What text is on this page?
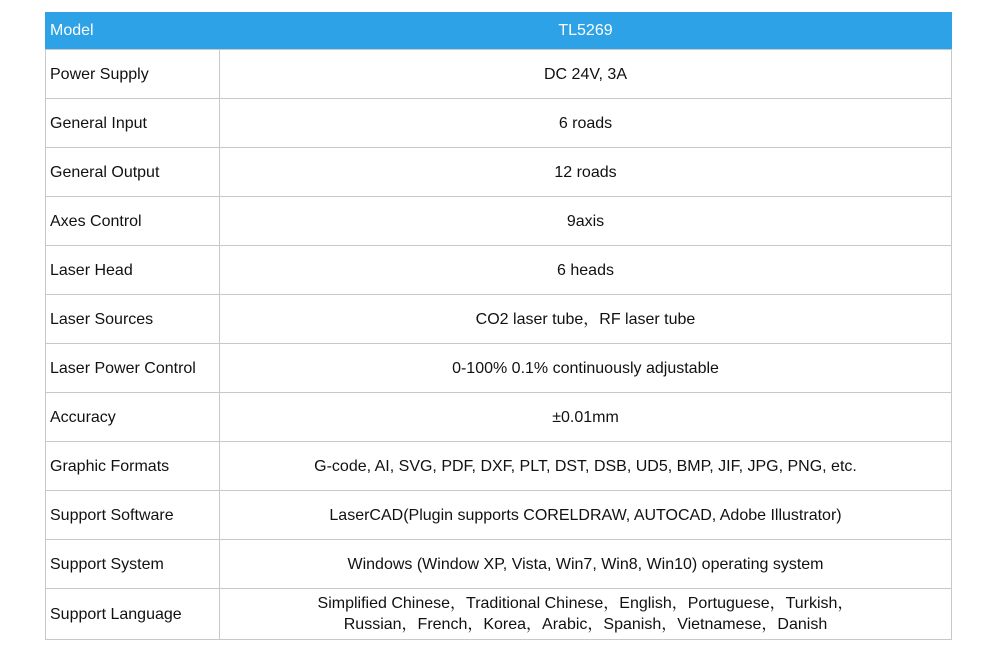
Model	TL5269
Power Supply	DC 24V, 3A
General Input	6 roads
General Output	12 roads
Axes Control	9axis
Laser Head	6 heads
Laser Sources	CO2 laser tube，RF laser tube
Laser Power Control	0-100% 0.1% continuously adjustable
Accuracy	±0.01mm
Graphic Formats	G-code, AI, SVG, PDF, DXF, PLT, DST, DSB, UD5, BMP, JIF, JPG, PNG, etc.
Support Software	LaserCAD(Plugin supports CORELDRAW, AUTOCAD, Adobe Illustrator)
Support System	Windows (Window XP, Vista, Win7, Win8, Win10) operating system
Support Language	Simplified Chinese，Traditional Chinese，English，Portuguese，Turkish，
Russian，French，Korea，Arabic，Spanish，Vietnamese，Danish
